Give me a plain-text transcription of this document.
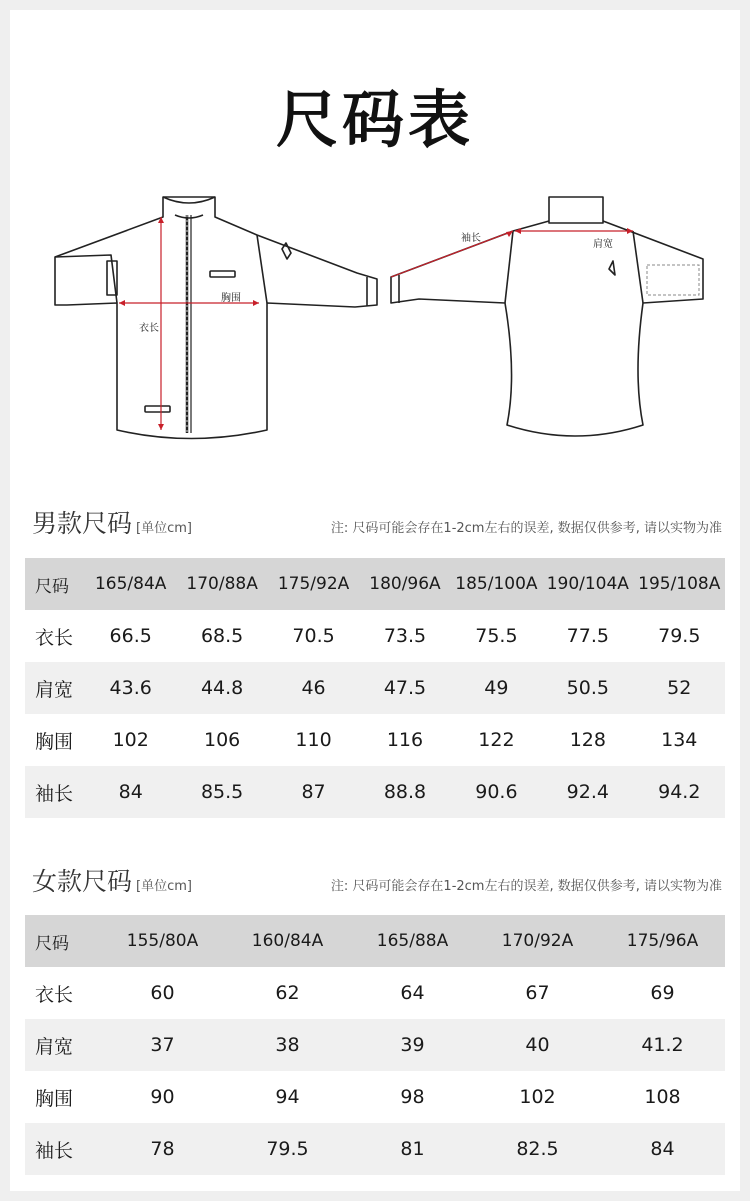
尺码表
胸围
衣长
肩宽
袖长
男款尺码 [单位cm]	注: 尺码可能会存在1-2cm左右的误差, 数据仅供参考, 请以实物为准
尺码	165/84A	170/88A	175/92A	180/96A	185/100A	190/104A	195/108A
衣长	66.5	68.5	70.5	73.5	75.5	77.5	79.5
肩宽	43.6	44.8	46	47.5	49	50.5	52
胸围	102	106	110	116	122	128	134
袖长	84	85.5	87	88.8	90.6	92.4	94.2
女款尺码 [单位cm]	注: 尺码可能会存在1-2cm左右的误差, 数据仅供参考, 请以实物为准
尺码	155/80A	160/84A	165/88A	170/92A	175/96A
衣长	60	62	64	67	69
肩宽	37	38	39	40	41.2
胸围	90	94	98	102	108
袖长	78	79.5	81	82.5	84
